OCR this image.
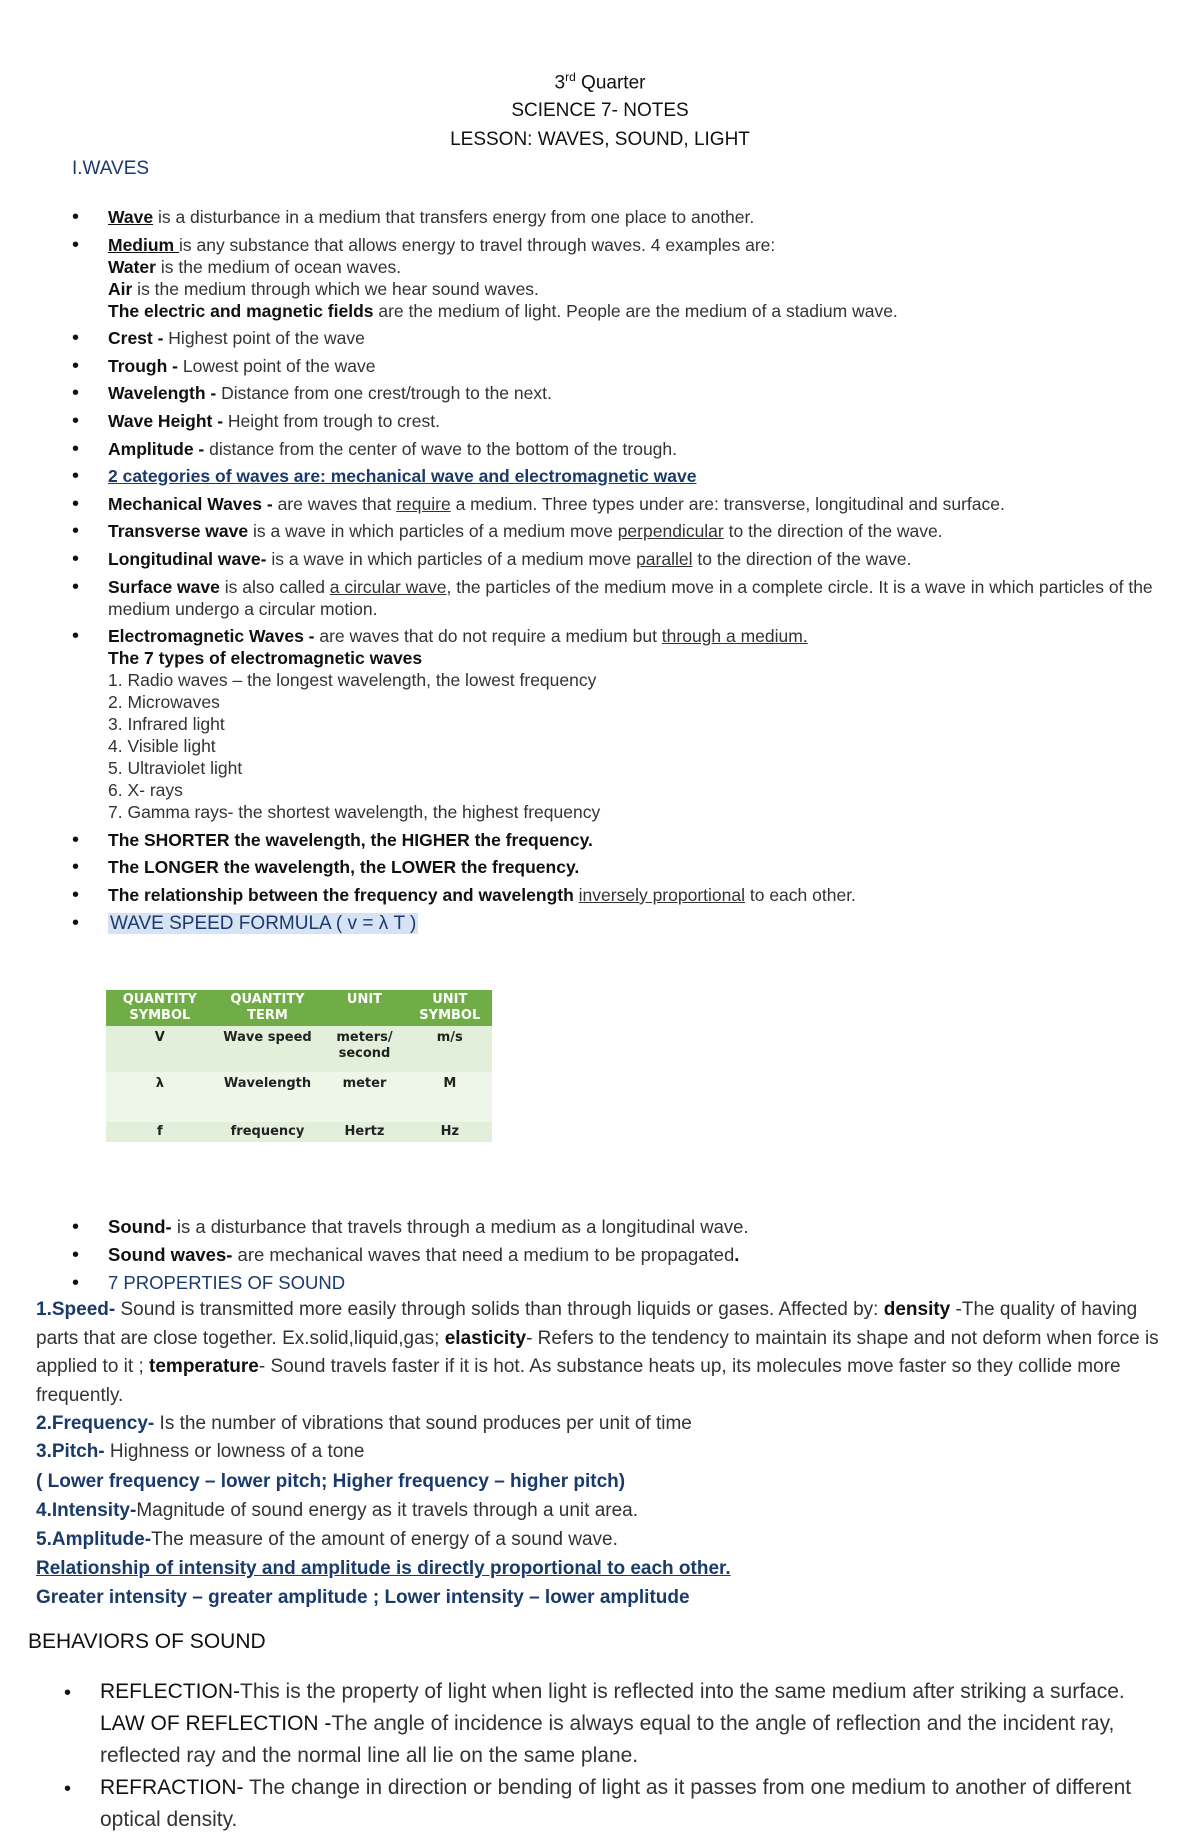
3rd Quarter
SCIENCE 7- NOTES
LESSON: WAVES, SOUND, LIGHT
I.WAVES
• Wave is a disturbance in a medium that transfers energy from one place to another.
• Medium is any substance that allows energy to travel through waves. 4 examples are:
Water is the medium of ocean waves.
Air is the medium through which we hear sound waves.
The electric and magnetic fields are the medium of light. People are the medium of a stadium wave.
• Crest - Highest point of the wave
• Trough - Lowest point of the wave
• Wavelength - Distance from one crest/trough to the next.
• Wave Height - Height from trough to crest.
• Amplitude - distance from the center of wave to the bottom of the trough.
• 2 categories of waves are: mechanical wave and electromagnetic wave
• Mechanical Waves - are waves that require a medium. Three types under are: transverse, longitudinal and surface.
• Transverse wave is a wave in which particles of a medium move perpendicular to the direction of the wave.
• Longitudinal wave- is a wave in which particles of a medium move parallel to the direction of the wave.
• Surface wave is also called a circular wave, the particles of the medium move in a complete circle. It is a wave in which particles of the medium undergo a circular motion.
• Electromagnetic Waves - are waves that do not require a medium but through a medium.
The 7 types of electromagnetic waves
1. Radio waves – the longest wavelength, the lowest frequency
2. Microwaves
3. Infrared light
4. Visible light
5. Ultraviolet light
6. X- rays
7. Gamma rays- the shortest wavelength, the highest frequency
• The SHORTER the wavelength, the HIGHER the frequency.
• The LONGER the wavelength, the LOWER the frequency.
• The relationship between the frequency and wavelength inversely proportional to each other.
• WAVE SPEED FORMULA ( v = λ T )
QUANTITY SYMBOL	QUANTITY TERM	UNIT	UNIT SYMBOL
V	Wave speed	meters/ second	m/s
λ	Wavelength	meter	M
f	frequency	Hertz	Hz
• Sound- is a disturbance that travels through a medium as a longitudinal wave.
• Sound waves- are mechanical waves that need a medium to be propagated.
• 7 PROPERTIES OF SOUND
1.Speed- Sound is transmitted more easily through solids than through liquids or gases. Affected by: density -The quality of having parts that are close together. Ex.solid,liquid,gas; elasticity- Refers to the tendency to maintain its shape and not deform when force is applied to it ; temperature- Sound travels faster if it is hot. As substance heats up, its molecules move faster so they collide more frequently.
2.Frequency- Is the number of vibrations that sound produces per unit of time
3.Pitch- Highness or lowness of a tone
( Lower frequency – lower pitch; Higher frequency – higher pitch)
4.Intensity-Magnitude of sound energy as it travels through a unit area.
5.Amplitude-The measure of the amount of energy of a sound wave.
Relationship of intensity and amplitude is directly proportional to each other.
Greater intensity – greater amplitude ; Lower intensity – lower amplitude
BEHAVIORS OF SOUND
• REFLECTION-This is the property of light when light is reflected into the same medium after striking a surface. LAW OF REFLECTION -The angle of incidence is always equal to the angle of reflection and the incident ray, reflected ray and the normal line all lie on the same plane.
• REFRACTION- The change in direction or bending of light as it passes from one medium to another of different optical density.
